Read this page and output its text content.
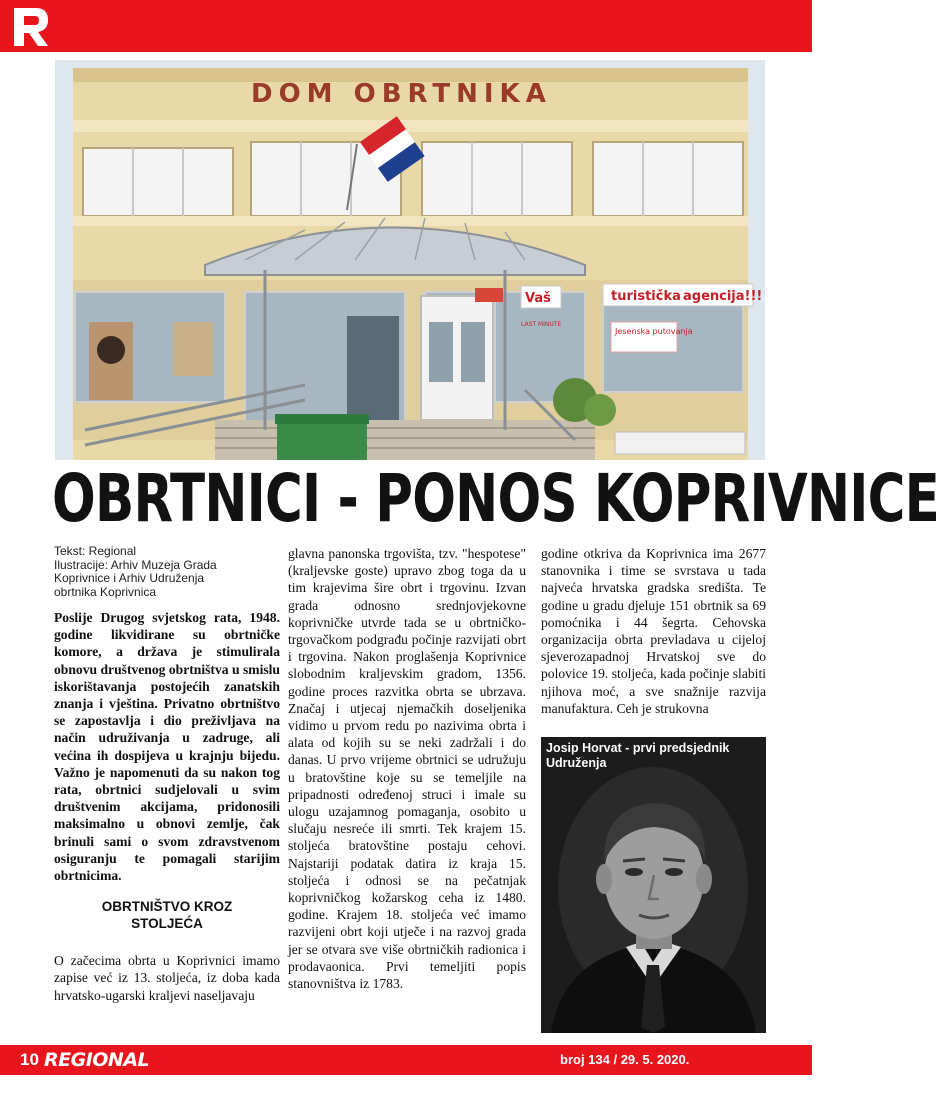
turistička agencija!!!
Vaš
Jesenska putovanja
LAST MINUTE
DOM OBRTNIKA
OBRTNICI - PONOS KOPRIVNICE
Tekst: Regional
Ilustracije: Arhiv Muzeja Grada
Koprivnice i Arhiv Udruženja
obrtnika Koprivnica

Poslije Drugog svjetskog rata, 1948. godine likvidirane su obrtničke komore, a država je stimulirala obnovu društvenog obrtništva u smislu iskorištavanja postojećih zanatskih znanja i vještina. Privatno obrtništvo se zapostavlja i dio preživljava na način udruživanja u zadruge, ali većina ih dospijeva u krajnju bijedu. Važno je napomenuti da su nakon tog rata, obrtnici sudjelovali u svim društvenim akcijama, pridonosili maksimalno u obnovi zemlje, čak brinuli sami o svom zdravstvenom osiguranju te pomagali starijim obrtnicima.

OBRTNIŠTVO KROZ STOLJEĆA

O začecima obrta u Koprivnici imamo zapise već iz 13. stoljeća, iz doba kada hrvatsko-ugarski kraljevi naseljavaju

glavna panonska trgovišta, tzv. "hespotese" (kraljevske goste) upravo zbog toga da u tim krajevima šire obrt i trgovinu. Izvan grada odnosno srednjovjekovne koprivničke utvrde tada se u obrtničko-trgovačkom podgrađu počinje razvijati obrt i trgovina. Nakon proglašenja Koprivnice slobodnim kraljevskim gradom, 1356. godine proces razvitka obrta se ubrzava. Značaj i utjecaj njemačkih doseljenika vidimo u prvom redu po nazivima obrta i alata od kojih su se neki zadržali i do danas. U prvo vrijeme obrtnici se udružuju u bratovštine koje su se temeljile na pripadnosti određenoj struci i imale su ulogu uzajamnog pomaganja, osobito u slučaju nesreće ili smrti. Tek krajem 15. stoljeća bratovštine postaju cehovi. Najstariji podatak datira iz kraja 15. stoljeća i odnosi se na pečatnjak koprivničkog kožarskog ceha iz 1480. godine. Krajem 18. stoljeća već imamo razvijeni obrt koji utječe i na razvoj grada jer se otvara sve više obrtničkih radionica i prodavaonica. Prvi temeljiti popis stanovništva iz 1783.

godine otkriva da Koprivnica ima 2677 stanovnika i time se svrstava u tada najveća hrvatska gradska središta. Te godine u gradu djeluje 151 obrtnik sa 69 pomoćnika i 44 šegrta. Cehovska organizacija obrta prevladava u cijeloj sjeverozapadnoj Hrvatskoj sve do polovice 19. stoljeća, kada počinje slabiti njihova moć, a sve snažnije razvija manufaktura. Ceh je strukovna

Josip Horvat - prvi predsjednik Udruženja
10 REGIONAL	broj 134 / 29. 5. 2020.
